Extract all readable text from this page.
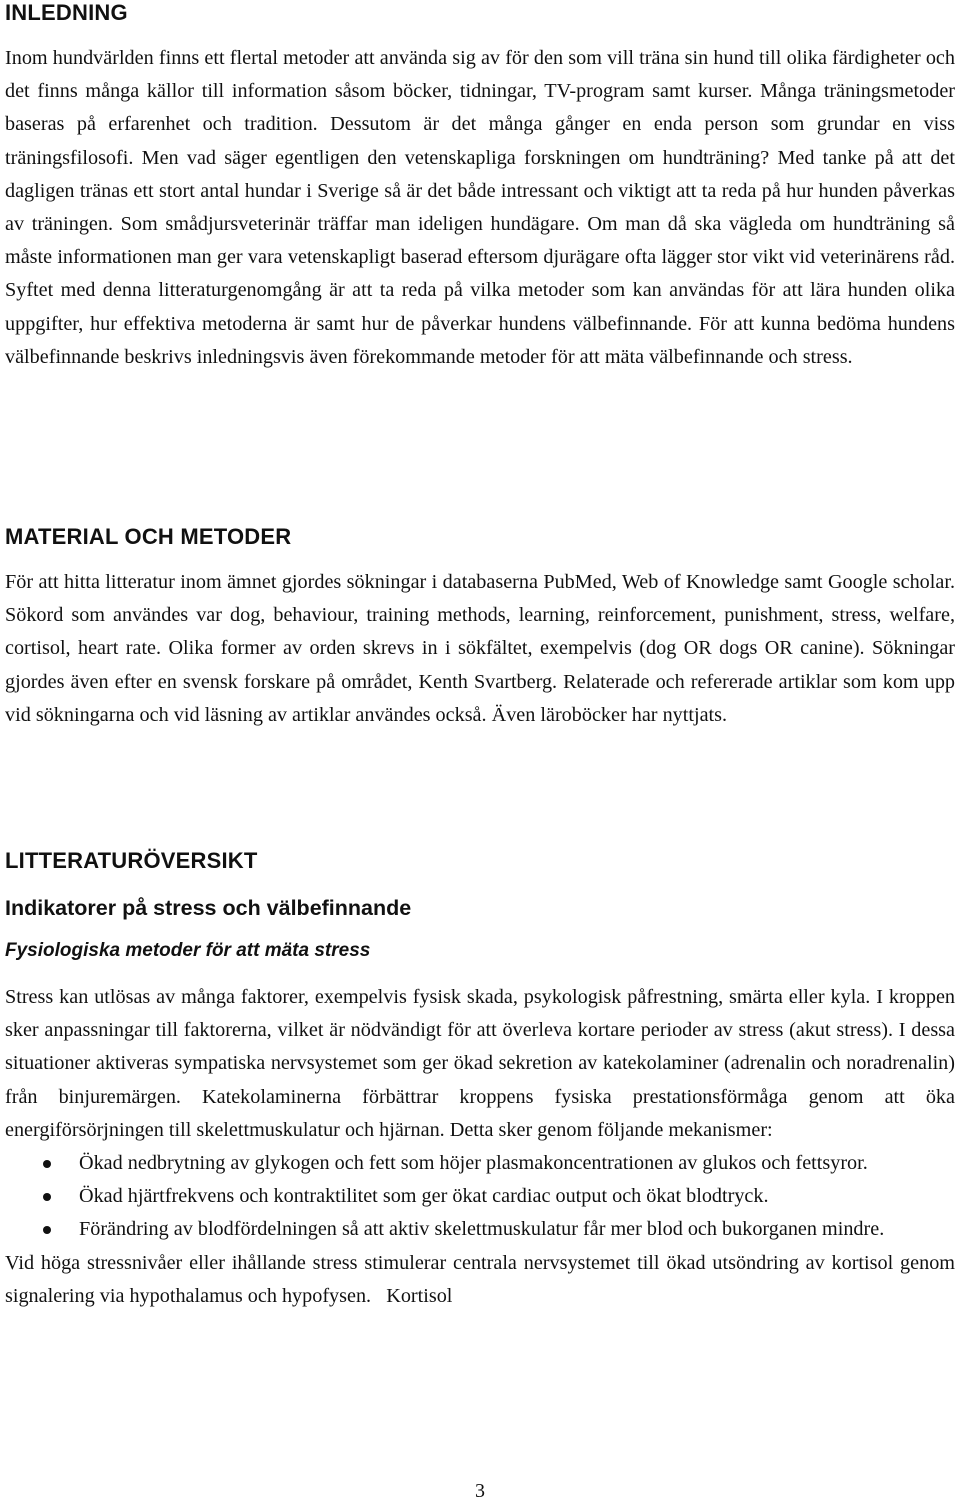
INLEDNING

Inom hundvärlden finns ett flertal metoder att använda sig av för den som vill träna sin hund till olika färdigheter och det finns många källor till information såsom böcker, tidningar, TV-program samt kurser. Många träningsmetoder baseras på erfarenhet och tradition. Dessutom är det många gånger en enda person som grundar en viss träningsfilosofi. Men vad säger egentligen den vetenskapliga forskningen om hundträning? Med tanke på att det dagligen tränas ett stort antal hundar i Sverige så är det både intressant och viktigt att ta reda på hur hunden påverkas av träningen. Som smådjursveterinär träffar man ideligen hundägare. Om man då ska vägleda om hundträning så måste informationen man ger vara vetenskapligt baserad eftersom djurägare ofta lägger stor vikt vid veterinärens råd. Syftet med denna litteraturgenomgång är att ta reda på vilka metoder som kan användas för att lära hunden olika uppgifter, hur effektiva metoderna är samt hur de påverkar hundens välbefinnande. För att kunna bedöma hundens välbefinnande beskrivs inledningsvis även förekommande metoder för att mäta välbefinnande och stress.

MATERIAL OCH METODER

För att hitta litteratur inom ämnet gjordes sökningar i databaserna PubMed, Web of Knowledge samt Google scholar. Sökord som användes var dog, behaviour, training methods, learning, reinforcement, punishment, stress, welfare, cortisol, heart rate. Olika former av orden skrevs in i sökfältet, exempelvis (dog OR dogs OR canine). Sökningar gjordes även efter en svensk forskare på området, Kenth Svartberg. Relaterade och refererade artiklar som kom upp vid sökningarna och vid läsning av artiklar användes också. Även läroböcker har nyttjats.

LITTERATURÖVERSIKT
Indikatorer på stress och välbefinnande
Fysiologiska metoder för att mäta stress

Stress kan utlösas av många faktorer, exempelvis fysisk skada, psykologisk påfrestning, smärta eller kyla. I kroppen sker anpassningar till faktorerna, vilket är nödvändigt för att överleva kortare perioder av stress (akut stress). I dessa situationer aktiveras sympatiska nervsystemet som ger ökad sekretion av katekolaminer (adrenalin och noradrenalin) från binjuremärgen. Katekolaminerna förbättrar kroppens fysiska prestationsförmåga genom att öka energiförsörjningen till skelettmuskulatur och hjärnan. Detta sker genom följande mekanismer:

Ökad nedbrytning av glykogen och fett som höjer plasmakoncentrationen av glukos och fettsyror.
Ökad hjärtfrekvens och kontraktilitet som ger ökat cardiac output och ökat blodtryck.
Förändring av blodfördelningen så att aktiv skelettmuskulatur får mer blod och bukorganen mindre.

Vid höga stressnivåer eller ihållande stress stimulerar centrala nervsystemet till ökad utsöndring av kortisol genom signalering via hypothalamus och hypofysen.   Kortisol

3
